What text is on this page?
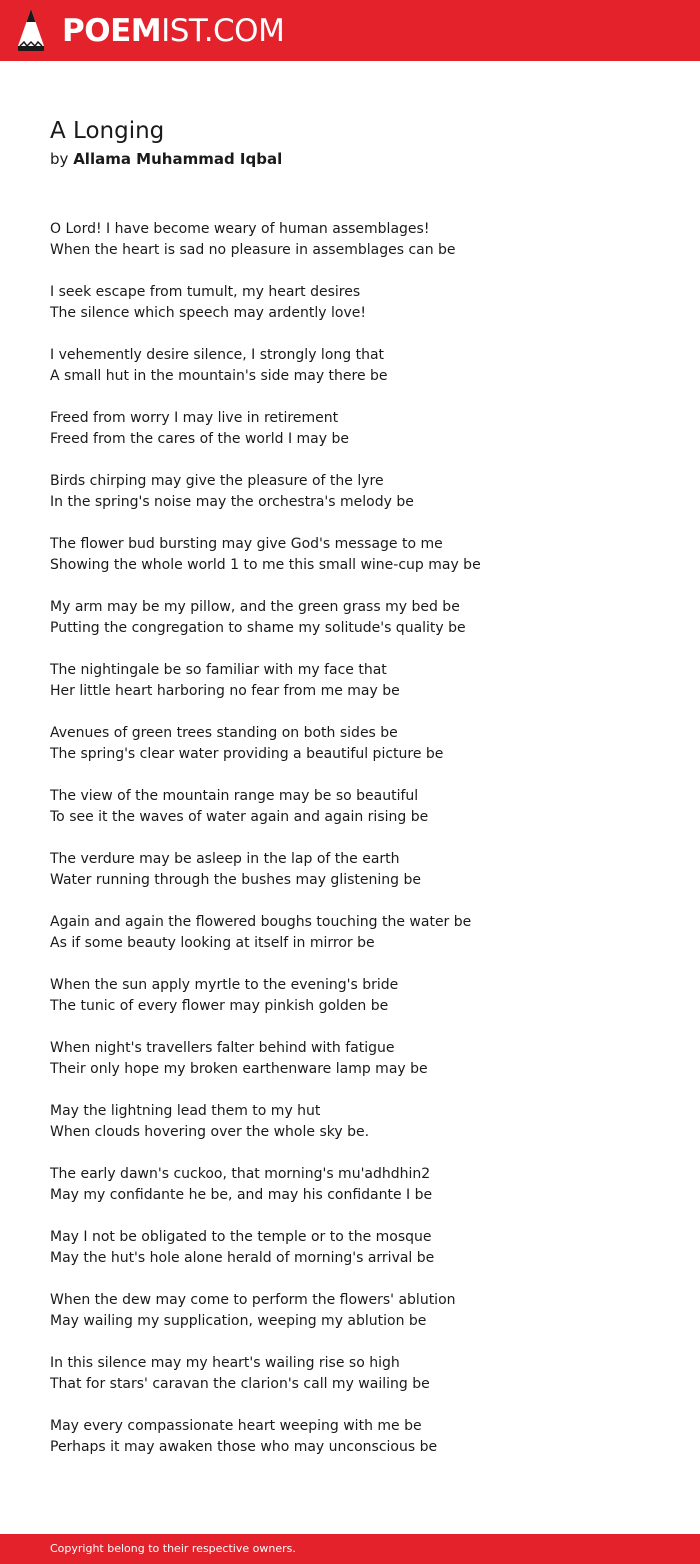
POEMIST.COM
A Longing
by Allama Muhammad Iqbal
O Lord! I have become weary of human assemblages!
When the heart is sad no pleasure in assemblages can be
I seek escape from tumult, my heart desires
The silence which speech may ardently love!
I vehemently desire silence, I strongly long that
A small hut in the mountain's side may there be
Freed from worry I may live in retirement
Freed from the cares of the world I may be
Birds chirping may give the pleasure of the lyre
In the spring's noise may the orchestra's melody be
The flower bud bursting may give God's message to me
Showing the whole world 1 to me this small wine-cup may be
My arm may be my pillow, and the green grass my bed be
Putting the congregation to shame my solitude's quality be
The nightingale be so familiar with my face that
Her little heart harboring no fear from me may be
Avenues of green trees standing on both sides be
The spring's clear water providing a beautiful picture be
The view of the mountain range may be so beautiful
To see it the waves of water again and again rising be
The verdure may be asleep in the lap of the earth
Water running through the bushes may glistening be
Again and again the flowered boughs touching the water be
As if some beauty looking at itself in mirror be
When the sun apply myrtle to the evening's bride
The tunic of every flower may pinkish golden be
When night's travellers falter behind with fatigue
Their only hope my broken earthenware lamp may be
May the lightning lead them to my hut
When clouds hovering over the whole sky be.
The early dawn's cuckoo, that morning's mu'adhdhin2
May my confidante he be, and may his confidante I be
May I not be obligated to the temple or to the mosque
May the hut's hole alone herald of morning's arrival be
When the dew may come to perform the flowers' ablution
May wailing my supplication, weeping my ablution be
In this silence may my heart's wailing rise so high
That for stars' caravan the clarion's call my wailing be
May every compassionate heart weeping with me be
Perhaps it may awaken those who may unconscious be
Copyright belong to their respective owners.
